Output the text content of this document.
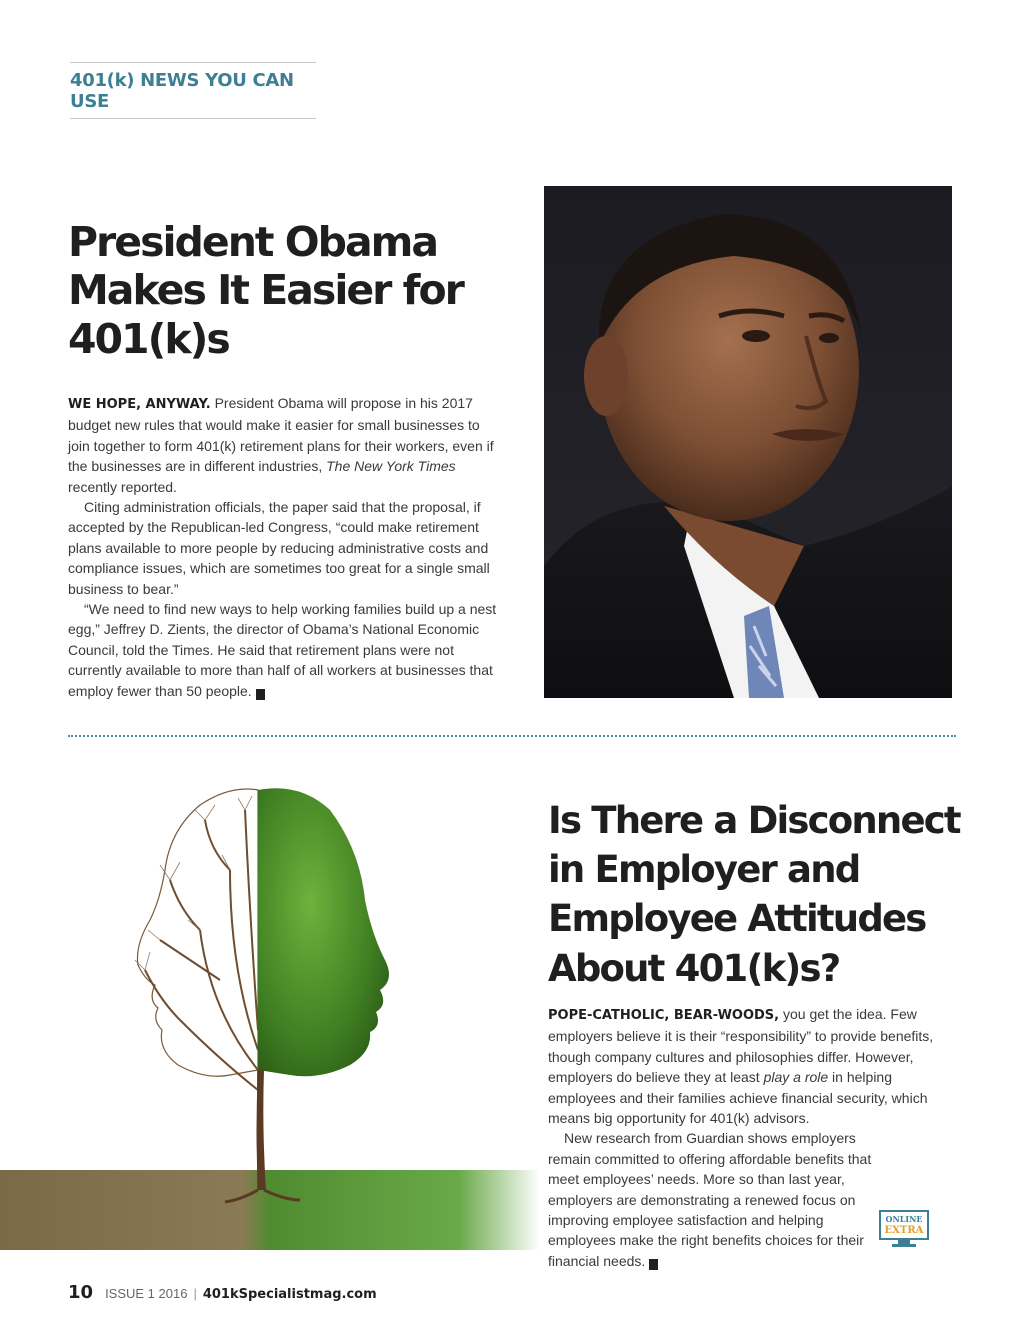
401(k) NEWS YOU CAN USE
President Obama Makes It Easier for 401(k)s

WE HOPE, ANYWAY. President Obama will propose in his 2017 budget new rules that would make it easier for small businesses to join together to form 401(k) retirement plans for their workers, even if the businesses are in different industries, The New York Times recently reported.

Citing administration officials, the paper said that the proposal, if accepted by the Republican-led Congress, “could make retirement plans available to more people by reducing administrative costs and compliance issues, which are sometimes too great for a single small business to bear.”

“We need to find new ways to help working families build up a nest egg,” Jeffrey D. Zients, the director of Obama’s National Economic Council, told the Times. He said that retirement plans were not currently available to more than half of all workers at businesses that employ fewer than 50 people. K

Is There a Disconnect in Employer and Employee Attitudes About 401(k)s?

POPE-CATHOLIC, BEAR-WOODS, you get the idea. Few employers believe it is their “responsibility” to provide benefits, though company cultures and philosophies differ. However, employers do believe they at least play a role in helping employees and their families achieve financial security, which means big opportunity for 401(k) advisors.

New research from Guardian shows employers remain committed to offering affordable benefits that meet employees’ needs. More so than last year, employers are demonstrating a renewed focus on improving employee satisfaction and helping employees make the right benefits choices for their financial needs. K

ONLINE
EXTRA
10 ISSUE 1 2016 | 401kSpecialistmag.com
